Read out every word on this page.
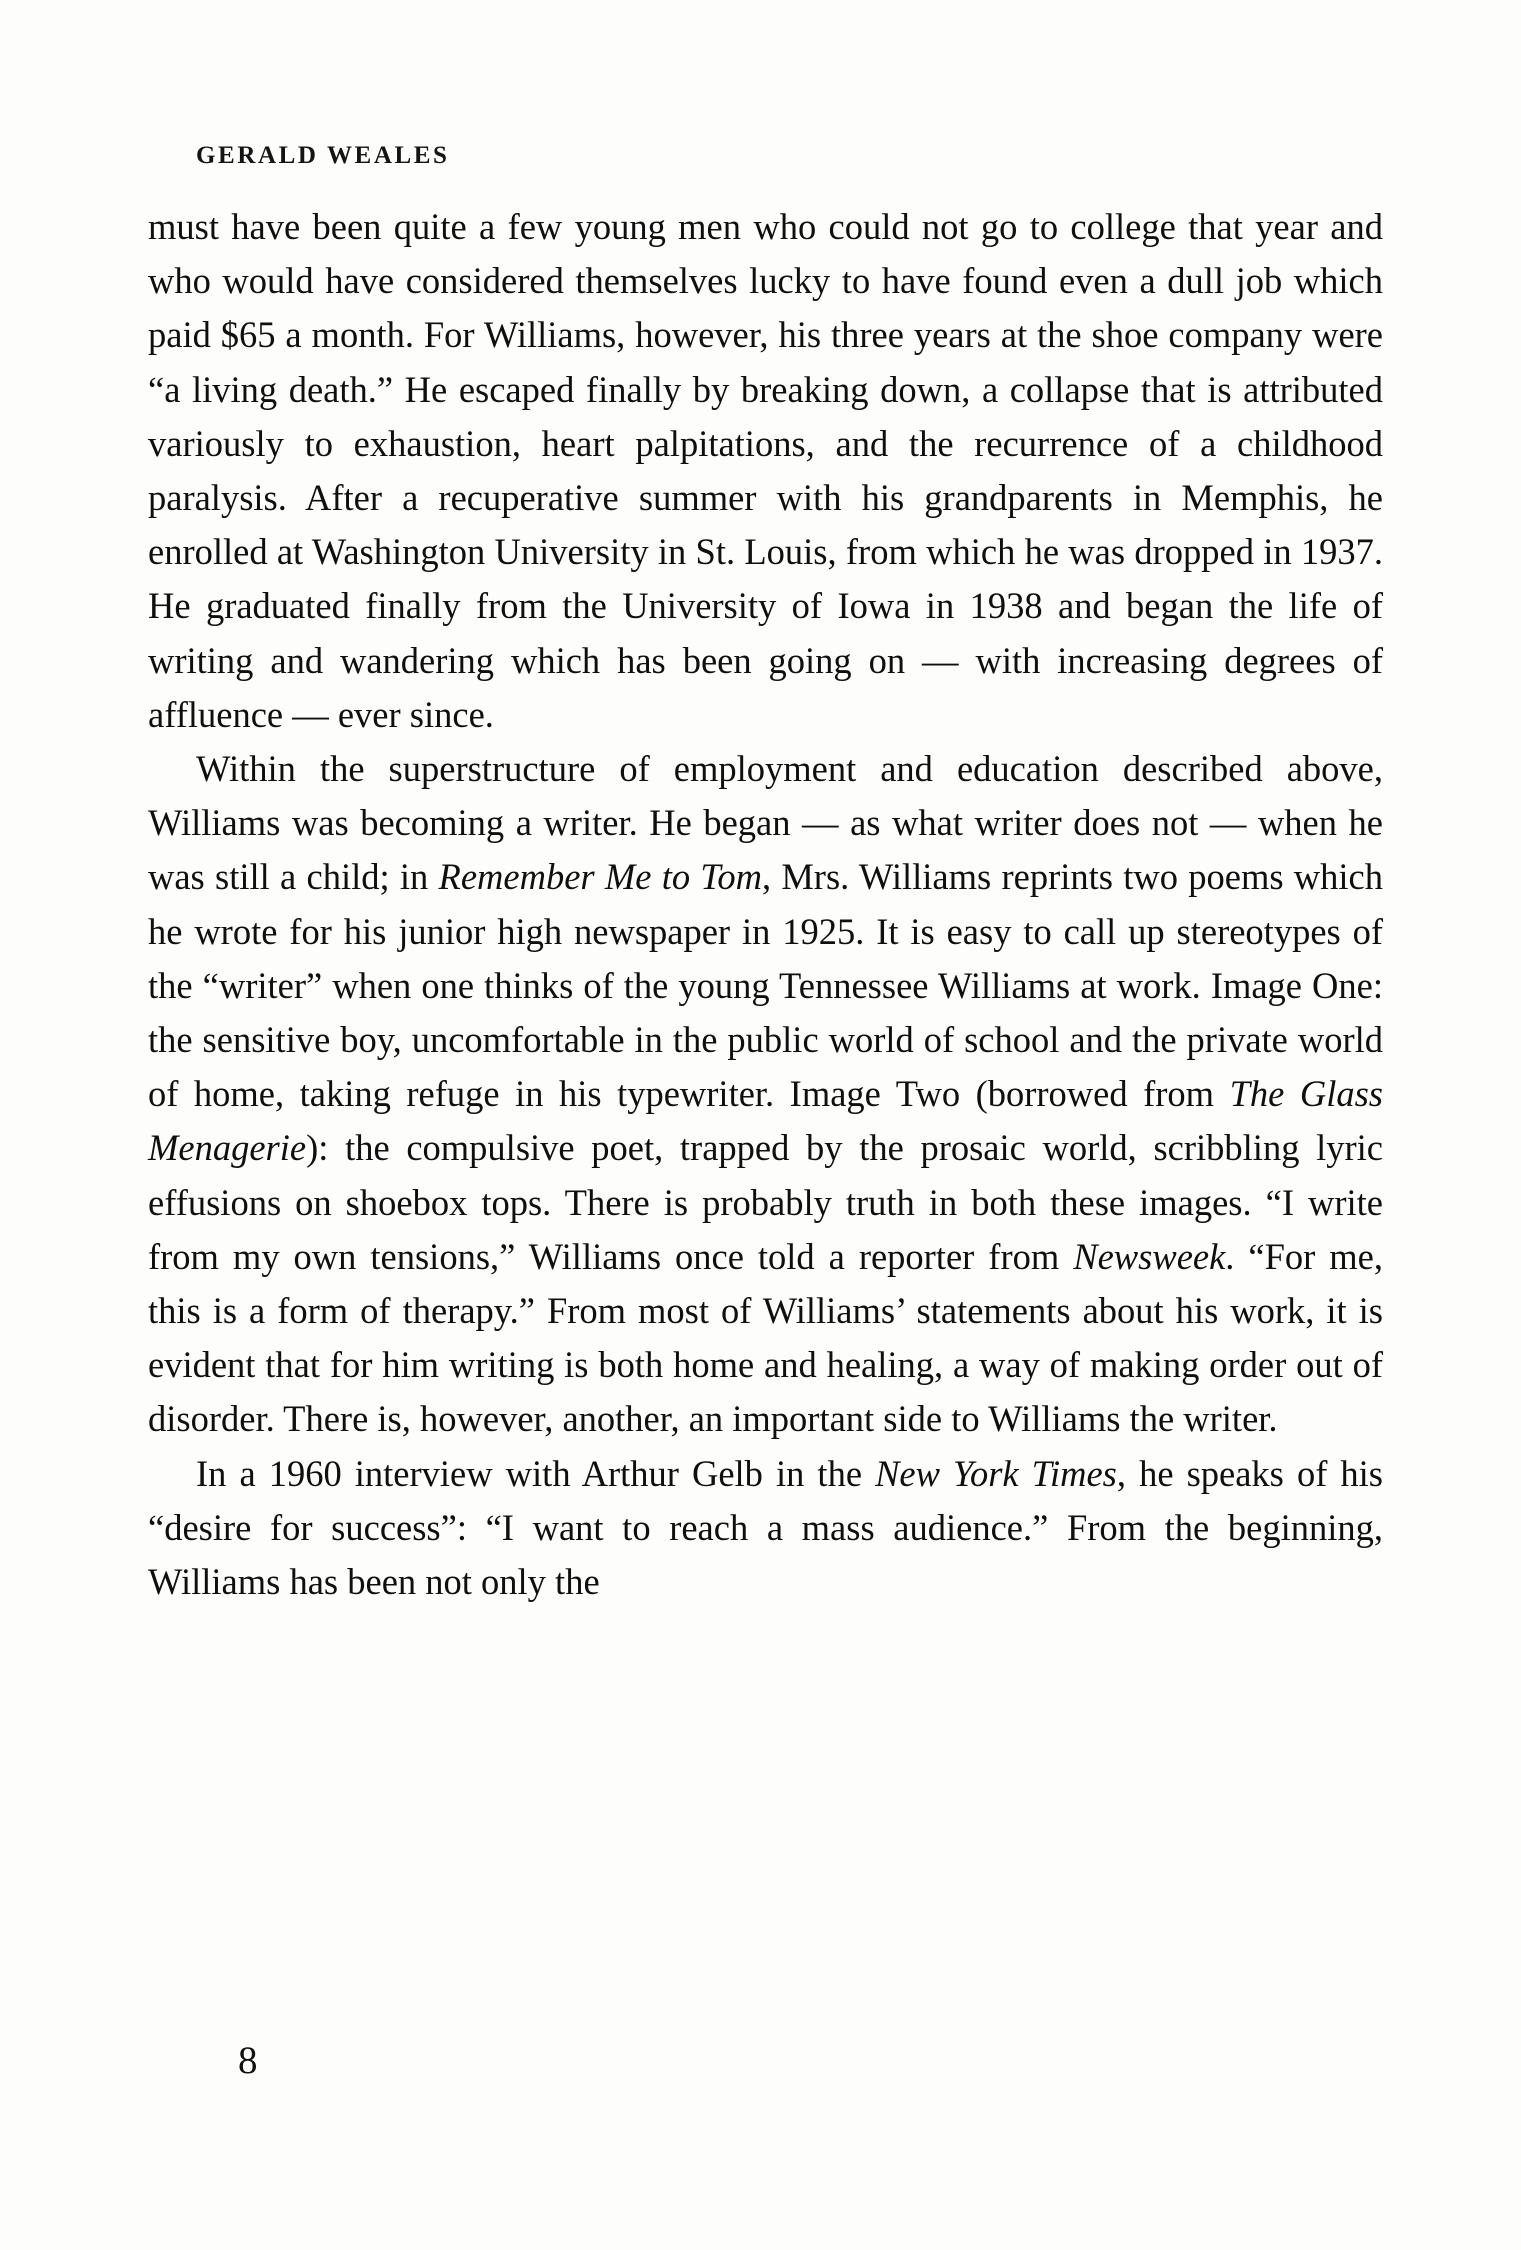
GERALD WEALES

must have been quite a few young men who could not go to college that year and who would have considered themselves lucky to have found even a dull job which paid $65 a month. For Williams, however, his three years at the shoe company were “a living death.” He escaped finally by breaking down, a collapse that is attributed variously to exhaustion, heart palpitations, and the recurrence of a childhood paralysis. After a recuperative summer with his grandparents in Memphis, he enrolled at Washington University in St. Louis, from which he was dropped in 1937. He graduated finally from the University of Iowa in 1938 and began the life of writing and wandering which has been going on — with increasing degrees of affluence — ever since.

Within the superstructure of employment and education described above, Williams was becoming a writer. He began — as what writer does not — when he was still a child; in Remember Me to Tom, Mrs. Williams reprints two poems which he wrote for his junior high newspaper in 1925. It is easy to call up stereotypes of the “writer” when one thinks of the young Tennessee Williams at work. Image One: the sensitive boy, uncomfortable in the public world of school and the private world of home, taking refuge in his typewriter. Image Two (borrowed from The Glass Menagerie): the compulsive poet, trapped by the prosaic world, scribbling lyric effusions on shoebox tops. There is probably truth in both these images. “I write from my own tensions,” Williams once told a reporter from Newsweek. “For me, this is a form of therapy.” From most of Williams’ statements about his work, it is evident that for him writing is both home and healing, a way of making order out of disorder. There is, however, another, an important side to Williams the writer.

In a 1960 interview with Arthur Gelb in the New York Times, he speaks of his “desire for success”: “I want to reach a mass audience.” From the beginning, Williams has been not only the

8
